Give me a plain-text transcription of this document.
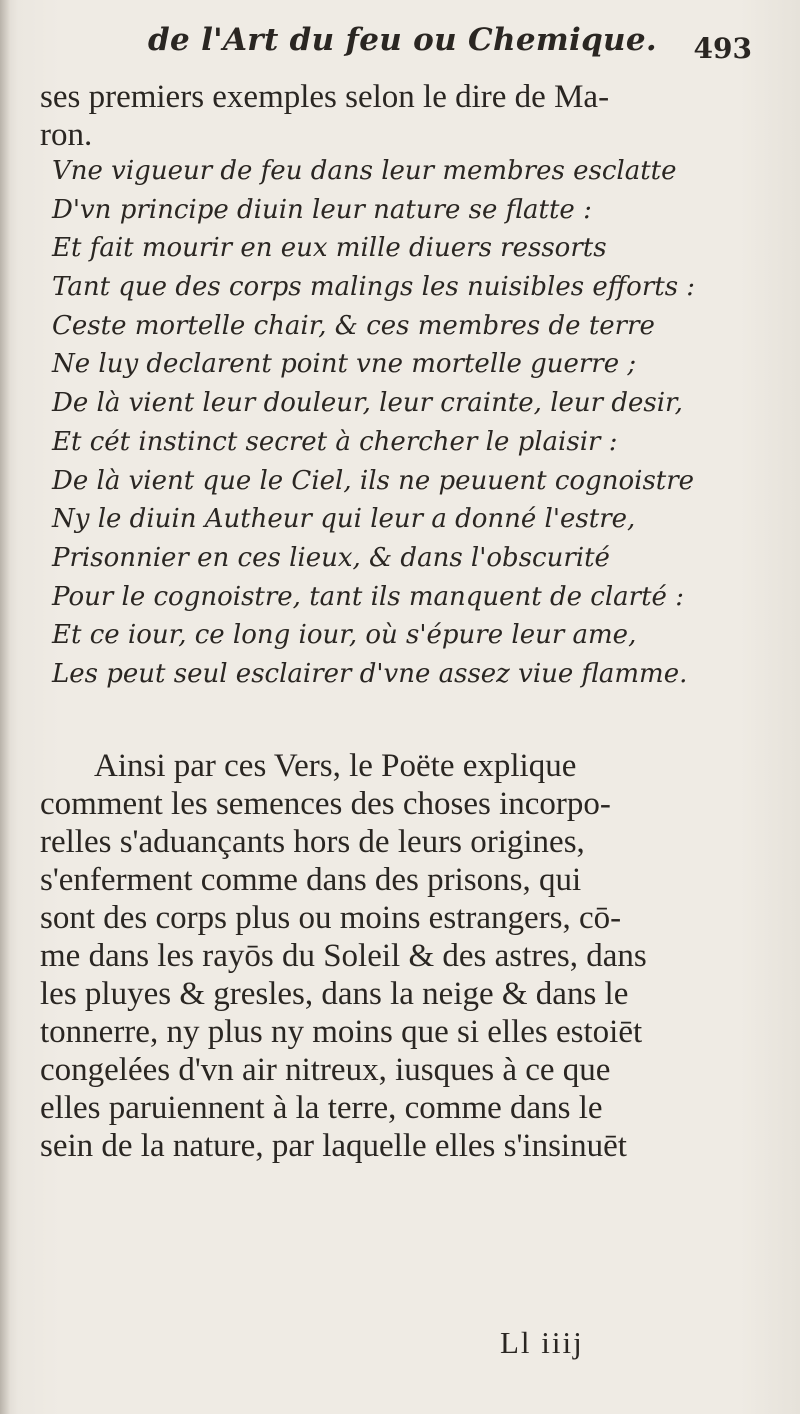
de l'Art du feu ou Chemique. 493
ses premiers exemples selon le dire de Ma-
ron.
Vne vigueur de feu dans leur membres esclatte
D'vn principe diuin leur nature se flatte :
Et fait mourir en eux mille diuers ressorts
Tant que des corps malings les nuisibles efforts :
Ceste mortelle chair, & ces membres de terre
Ne luy declarent point vne mortelle guerre ;
De là vient leur douleur, leur crainte, leur desir,
Et cét instinct secret à chercher le plaisir :
De là vient que le Ciel, ils ne peuuent cognoistre
Ny le diuin Autheur qui leur a donné l'estre,
Prisonnier en ces lieux, & dans l'obscurité
Pour le cognoistre, tant ils manquent de clarté :
Et ce iour, ce long iour, où s'épure leur ame,
Les peut seul esclairer d'vne assez viue flamme.
Ainsi par ces Vers, le Poëte explique
comment les semences des choses incorpo-
relles s'aduançants hors de leurs origines,
s'enferment comme dans des prisons, qui
sont des corps plus ou moins estrangers, cō-
me dans les rayōs du Soleil & des astres, dans
les pluyes & gresles, dans la neige & dans le
tonnerre, ny plus ny moins que si elles estoiēt
congelées d'vn air nitreux, iusques à ce que
elles paruiennent à la terre, comme dans le
sein de la nature, par laquelle elles s'insinuēt
Ll iiij
